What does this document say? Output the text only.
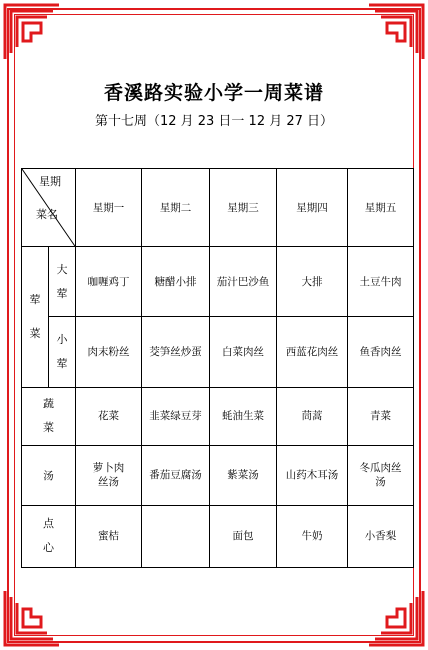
香溪路实验小学一周菜谱
第十七周（12 月 23 日一 12 月 27 日）
星期
菜名		星期一	星期二	星期三	星期四	星期五
荤菜	大荤	咖喱鸡丁	糖醋小排	茄汁巴沙鱼	大排	土豆牛肉
	小荤	肉末粉丝	茭笋丝炒蛋	白菜肉丝	西蓝花肉丝	鱼香肉丝
蔬菜		花菜	韭菜绿豆芽	蚝油生菜	茼蒿	青菜
汤		萝卜肉丝汤	番茄豆腐汤	紫菜汤	山药木耳汤	冬瓜肉丝汤
点心		蜜桔		面包	牛奶	小香梨
